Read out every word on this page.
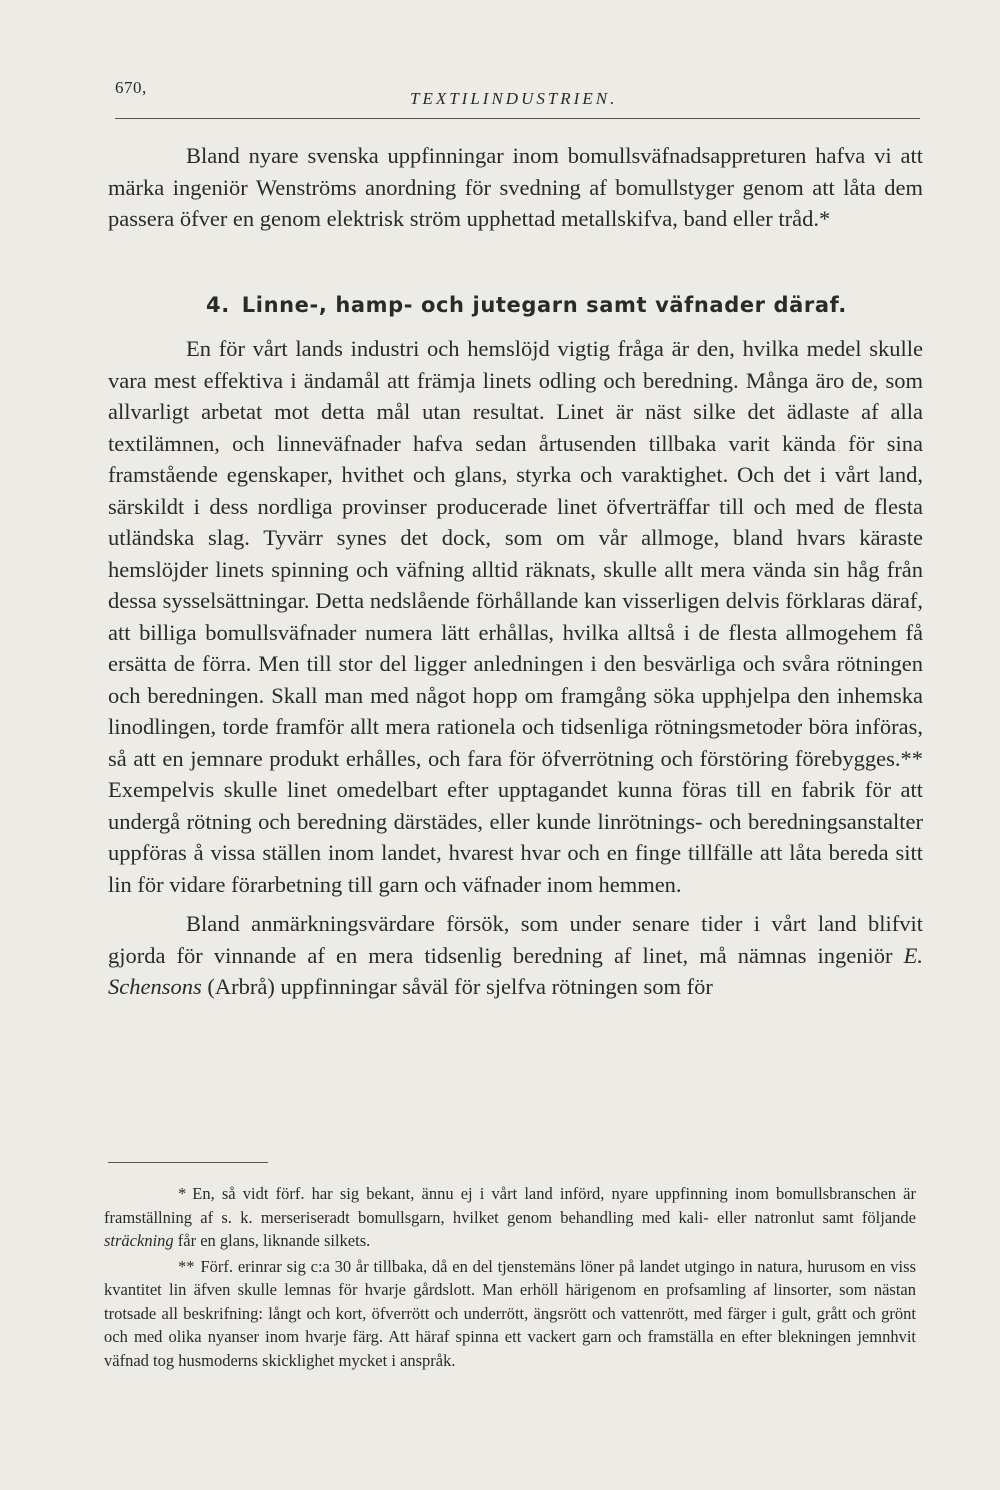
670,
TEXTILINDUSTRIEN.

Bland nyare svenska uppfinningar inom bomullsväfnadsappreturen hafva vi att märka ingeniör Wenströms anordning för svedning af bomullstyger genom att låta dem passera öfver en genom elektrisk ström upphettad metallskifva, band eller tråd.*

4. Linne-, hamp- och jutegarn samt väfnader däraf.

En för vårt lands industri och hemslöjd vigtig fråga är den, hvilka medel skulle vara mest effektiva i ändamål att främja linets odling och beredning. Många äro de, som allvarligt arbetat mot detta mål utan resultat. Linet är näst silke det ädlaste af alla textilämnen, och linneväfnader hafva sedan årtusenden tillbaka varit kända för sina framstående egenskaper, hvithet och glans, styrka och varaktighet. Och det i vårt land, särskildt i dess nordliga provinser producerade linet öfverträffar till och med de flesta utländska slag. Tyvärr synes det dock, som om vår allmoge, bland hvars käraste hemslöjder linets spinning och väfning alltid räknats, skulle allt mera vända sin håg från dessa sysselsättningar. Detta nedslående förhållande kan visserligen delvis förklaras däraf, att billiga bomullsväfnader numera lätt erhållas, hvilka alltså i de flesta allmogehem få ersätta de förra. Men till stor del ligger anledningen i den besvärliga och svåra rötningen och beredningen. Skall man med något hopp om framgång söka upphjelpa den inhemska linodlingen, torde framför allt mera rationela och tidsenliga rötningsmetoder böra införas, så att en jemnare produkt erhålles, och fara för öfverrötning och förstöring förebygges.** Exempelvis skulle linet omedelbart efter upptagandet kunna föras till en fabrik för att undergå rötning och beredning därstädes, eller kunde linrötnings- och beredningsanstalter uppföras å vissa ställen inom landet, hvarest hvar och en finge tillfälle att låta bereda sitt lin för vidare förarbetning till garn och väfnader inom hemmen.

Bland anmärkningsvärdare försök, som under senare tider i vårt land blifvit gjorda för vinnande af en mera tidsenlig beredning af linet, må nämnas ingeniör E. Schensons (Arbrå) uppfinningar såväl för sjelfva rötningen som för

* En, så vidt förf. har sig bekant, ännu ej i vårt land införd, nyare uppfinning inom bomullsbranschen är framställning af s. k. merseriseradt bomullsgarn, hvilket genom behandling med kali- eller natronlut samt följande sträckning får en glans, liknande silkets.

** Förf. erinrar sig c:a 30 år tillbaka, då en del tjenstemäns löner på landet utgingo in natura, hurusom en viss kvantitet lin äfven skulle lemnas för hvarje gårdslott. Man erhöll härigenom en profsamling af linsorter, som nästan trotsade all beskrifning: långt och kort, öfverrött och underrött, ängsrött och vattenrött, med färger i gult, grått och grönt och med olika nyanser inom hvarje färg. Att häraf spinna ett vackert garn och framställa en efter blekningen jemnhvit väfnad tog husmoderns skicklighet mycket i anspråk.
